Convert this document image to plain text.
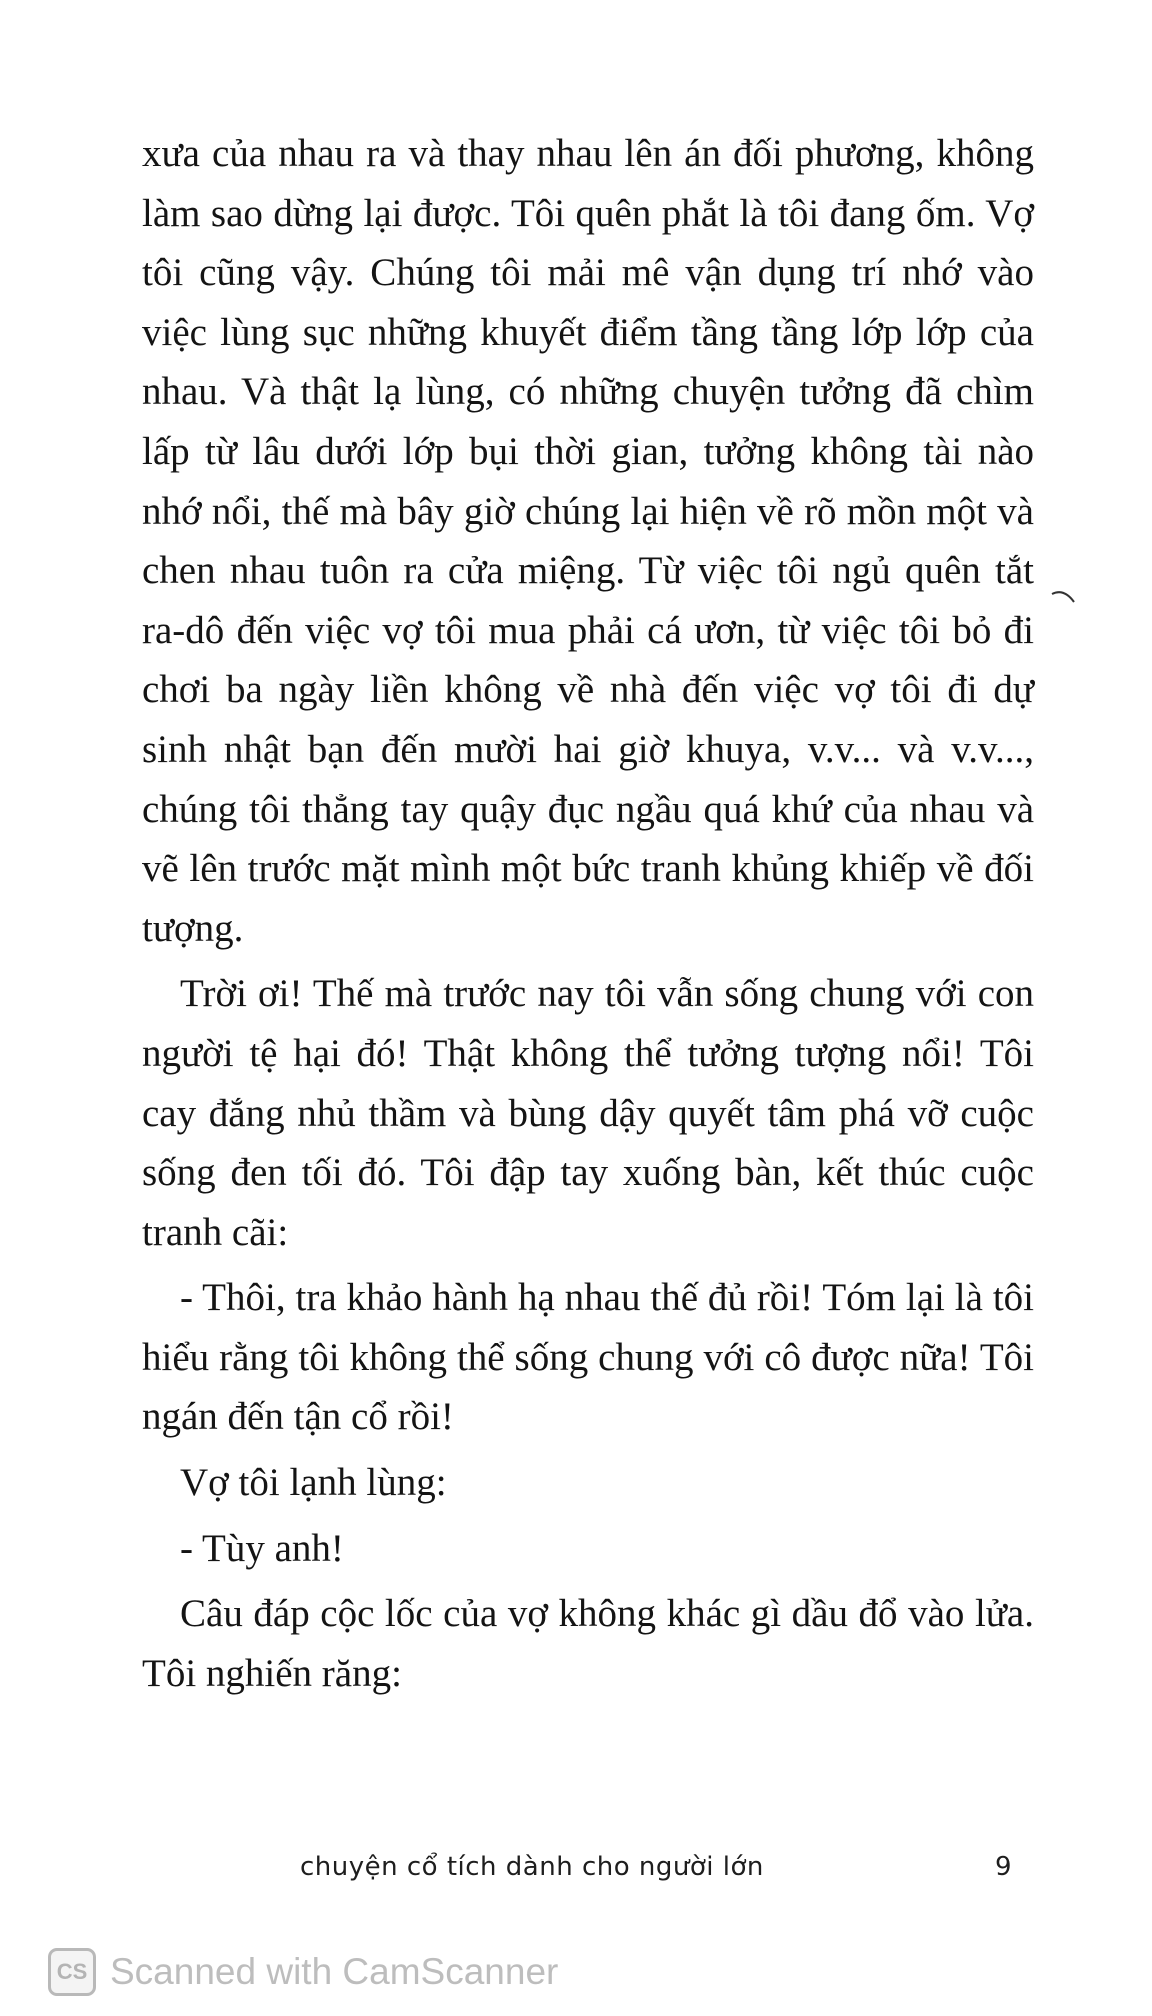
xưa của nhau ra và thay nhau lên án đối phương, không làm sao dừng lại được. Tôi quên phắt là tôi đang ốm. Vợ tôi cũng vậy. Chúng tôi mải mê vận dụng trí nhớ vào việc lùng sục những khuyết điểm tầng tầng lớp lớp của nhau. Và thật lạ lùng, có những chuyện tưởng đã chìm lấp từ lâu dưới lớp bụi thời gian, tưởng không tài nào nhớ nổi, thế mà bây giờ chúng lại hiện về rõ mồn một và chen nhau tuôn ra cửa miệng. Từ việc tôi ngủ quên tắt ra-dô đến việc vợ tôi mua phải cá ươn, từ việc tôi bỏ đi chơi ba ngày liền không về nhà đến việc vợ tôi đi dự sinh nhật bạn đến mười hai giờ khuya, v.v... và v.v..., chúng tôi thẳng tay quậy đục ngầu quá khứ của nhau và vẽ lên trước mặt mình một bức tranh khủng khiếp về đối tượng.

Trời ơi! Thế mà trước nay tôi vẫn sống chung với con người tệ hại đó! Thật không thể tưởng tượng nổi! Tôi cay đắng nhủ thầm và bùng dậy quyết tâm phá vỡ cuộc sống đen tối đó. Tôi đập tay xuống bàn, kết thúc cuộc tranh cãi:

- Thôi, tra khảo hành hạ nhau thế đủ rồi! Tóm lại là tôi hiểu rằng tôi không thể sống chung với cô được nữa! Tôi ngán đến tận cổ rồi!

Vợ tôi lạnh lùng:

- Tùy anh!

Câu đáp cộc lốc của vợ không khác gì dầu đổ vào lửa. Tôi nghiến răng:

chuyện cổ tích dành cho người lớn	9
CS Scanned with CamScanner
